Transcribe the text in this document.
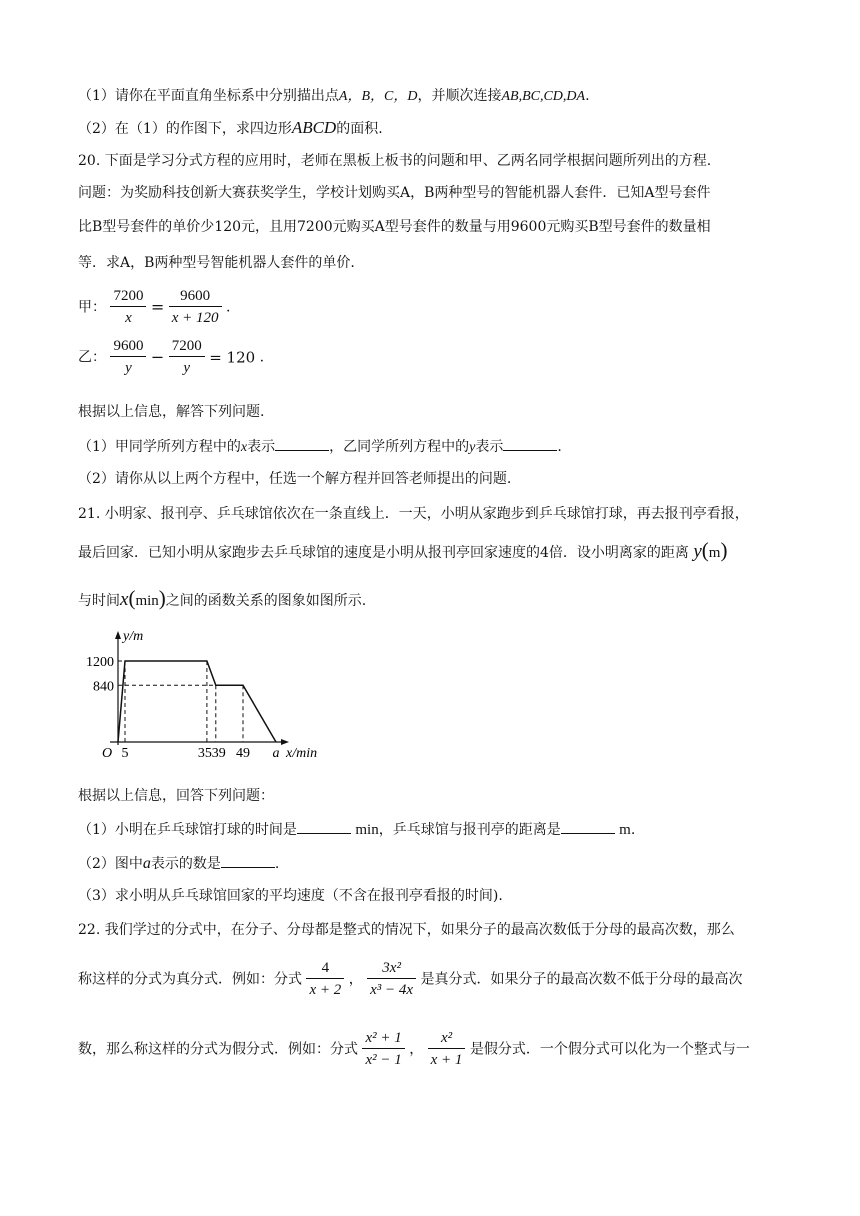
（1）请你在平面直角坐标系中分别描出点A，B，C，D，并顺次连接AB,BC,CD,DA.
（2）在（1）的作图下，求四边形ABCD的面积.
20. 下面是学习分式方程的应用时，老师在黑板上板书的问题和甲、乙两名同学根据问题所列出的方程.
问题：为奖励科技创新大赛获奖学生，学校计划购买A，B两种型号的智能机器人套件．已知A型号套件
比B型号套件的单价少120元，且用7200元购买A型号套件的数量与用9600元购买B型号套件的数量相
等．求A，B两种型号智能机器人套件的单价.
甲： $\frac{7200}{x} = \frac{9600}{x + 120}$ .
乙： $\frac{9600}{y} - \frac{7200}{y} = 120$ .
根据以上信息，解答下列问题.
（1）甲同学所列方程中的x表示	，乙同学所列方程中的y表示	.
（2）请你从以上两个方程中，任选一个解方程并回答老师提出的问题.
21. 小明家、报刊亭、乒乓球馆依次在一条直线上．一天，小明从家跑步到乒乓球馆打球，再去报刊亭看报，
最后回家．已知小明从家跑步去乒乓球馆的速度是小明从报刊亭回家速度的4倍．设小明离家的距离 y(m)
与时间x(min)之间的函数关系的图象如图所示.
y/m
x/min
O
1200
840
5	35 39 49 a
根据以上信息，回答下列问题：
（1）小明在乒乓球馆打球的时间是	min，乒乓球馆与报刊亭的距离是	m.
（2）图中a表示的数是	.
（3）求小明从乒乓球馆回家的平均速度（不含在报刊亭看报的时间).
22. 我们学过的分式中，在分子、分母都是整式的情况下，如果分子的最高次数低于分母的最高次数，那么
称这样的分式为真分式．例如：分式 $\frac{4}{x + 2}$ ， $\frac{\text{3x²}}{\text{x³ − 4x}}$ 是真分式．如果分子的最高次数不低于分母的最高次
数，那么称这样的分式为假分式．例如：分式 $\frac{\text{x² + 1}}{\text{x² − 1}}$ ， $\frac{\text{x²}}{x + 1}$ 是假分式．一个假分式可以化为一个整式与一
